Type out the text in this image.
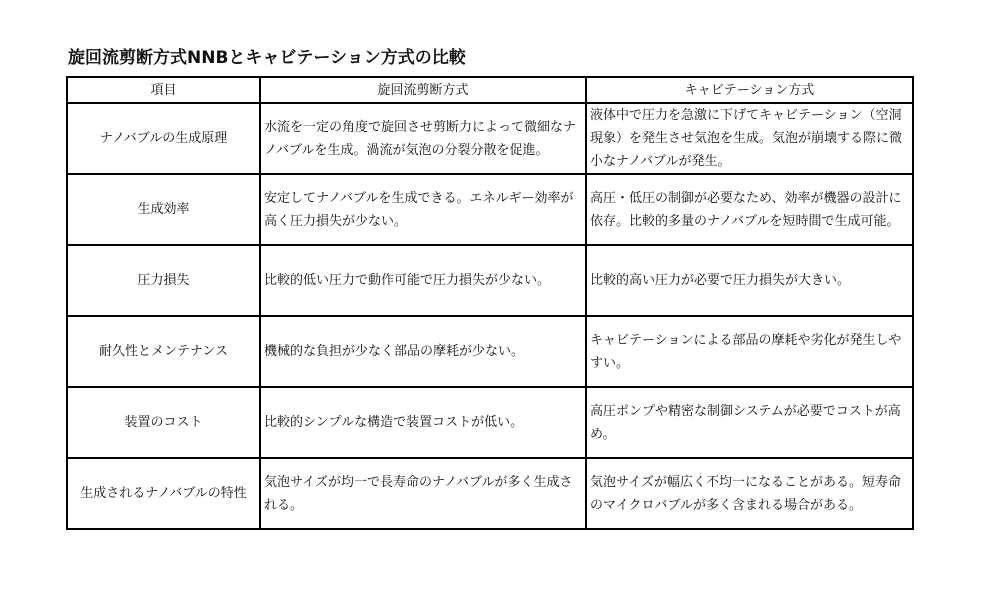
旋回流剪断方式NNBとキャビテーション方式の比較
項目	旋回流剪断方式	キャビテーション方式
ナノバブルの生成原理	水流を一定の角度で旋回させ剪断力によって微細なナノバブルを生成。渦流が気泡の分裂分散を促進。	液体中で圧力を急激に下げてキャビテーション（空洞現象）を発生させ気泡を生成。気泡が崩壊する際に微小なナノバブルが発生。
生成効率	安定してナノバブルを生成できる。エネルギー効率が高く圧力損失が少ない。	高圧・低圧の制御が必要なため、効率が機器の設計に依存。比較的多量のナノバブルを短時間で生成可能。
圧力損失	比較的低い圧力で動作可能で圧力損失が少ない。	比較的高い圧力が必要で圧力損失が大きい。
耐久性とメンテナンス	機械的な負担が少なく部品の摩耗が少ない。	キャビテーションによる部品の摩耗や劣化が発生しやすい。
装置のコスト	比較的シンプルな構造で装置コストが低い。	高圧ポンプや精密な制御システムが必要でコストが高め。
生成されるナノバブルの特性	気泡サイズが均一で長寿命のナノバブルが多く生成される。	気泡サイズが幅広く不均一になることがある。短寿命のマイクロバブルが多く含まれる場合がある。
